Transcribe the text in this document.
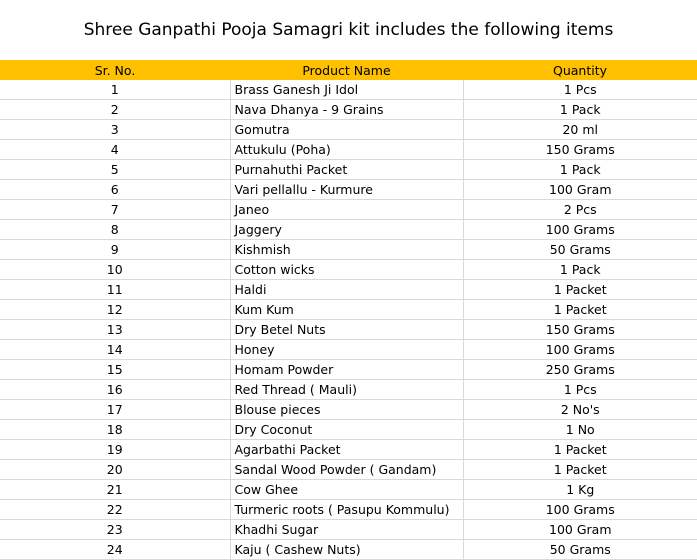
Shree Ganpathi Pooja Samagri kit includes the following items
Sr. No.	Product Name	Quantity
1	Brass Ganesh Ji Idol	1 Pcs
2	Nava Dhanya - 9 Grains	1 Pack
3	Gomutra	20 ml
4	Attukulu (Poha)	150 Grams
5	Purnahuthi Packet	1 Pack
6	Vari pellallu - Kurmure	100 Gram
7	Janeo	2 Pcs
8	Jaggery	100 Grams
9	Kishmish	50 Grams
10	Cotton wicks	1 Pack
11	Haldi	1 Packet
12	Kum Kum	1 Packet
13	Dry Betel Nuts	150 Grams
14	Honey	100 Grams
15	Homam Powder	250 Grams
16	Red Thread ( Mauli)	1 Pcs
17	Blouse pieces	2 No's
18	Dry Coconut	1 No
19	Agarbathi Packet	1 Packet
20	Sandal Wood Powder ( Gandam)	1 Packet
21	Cow Ghee	1 Kg
22	Turmeric roots ( Pasupu Kommulu)	100 Grams
23	Khadhi Sugar	100 Gram
24	Kaju ( Cashew Nuts)	50 Grams
